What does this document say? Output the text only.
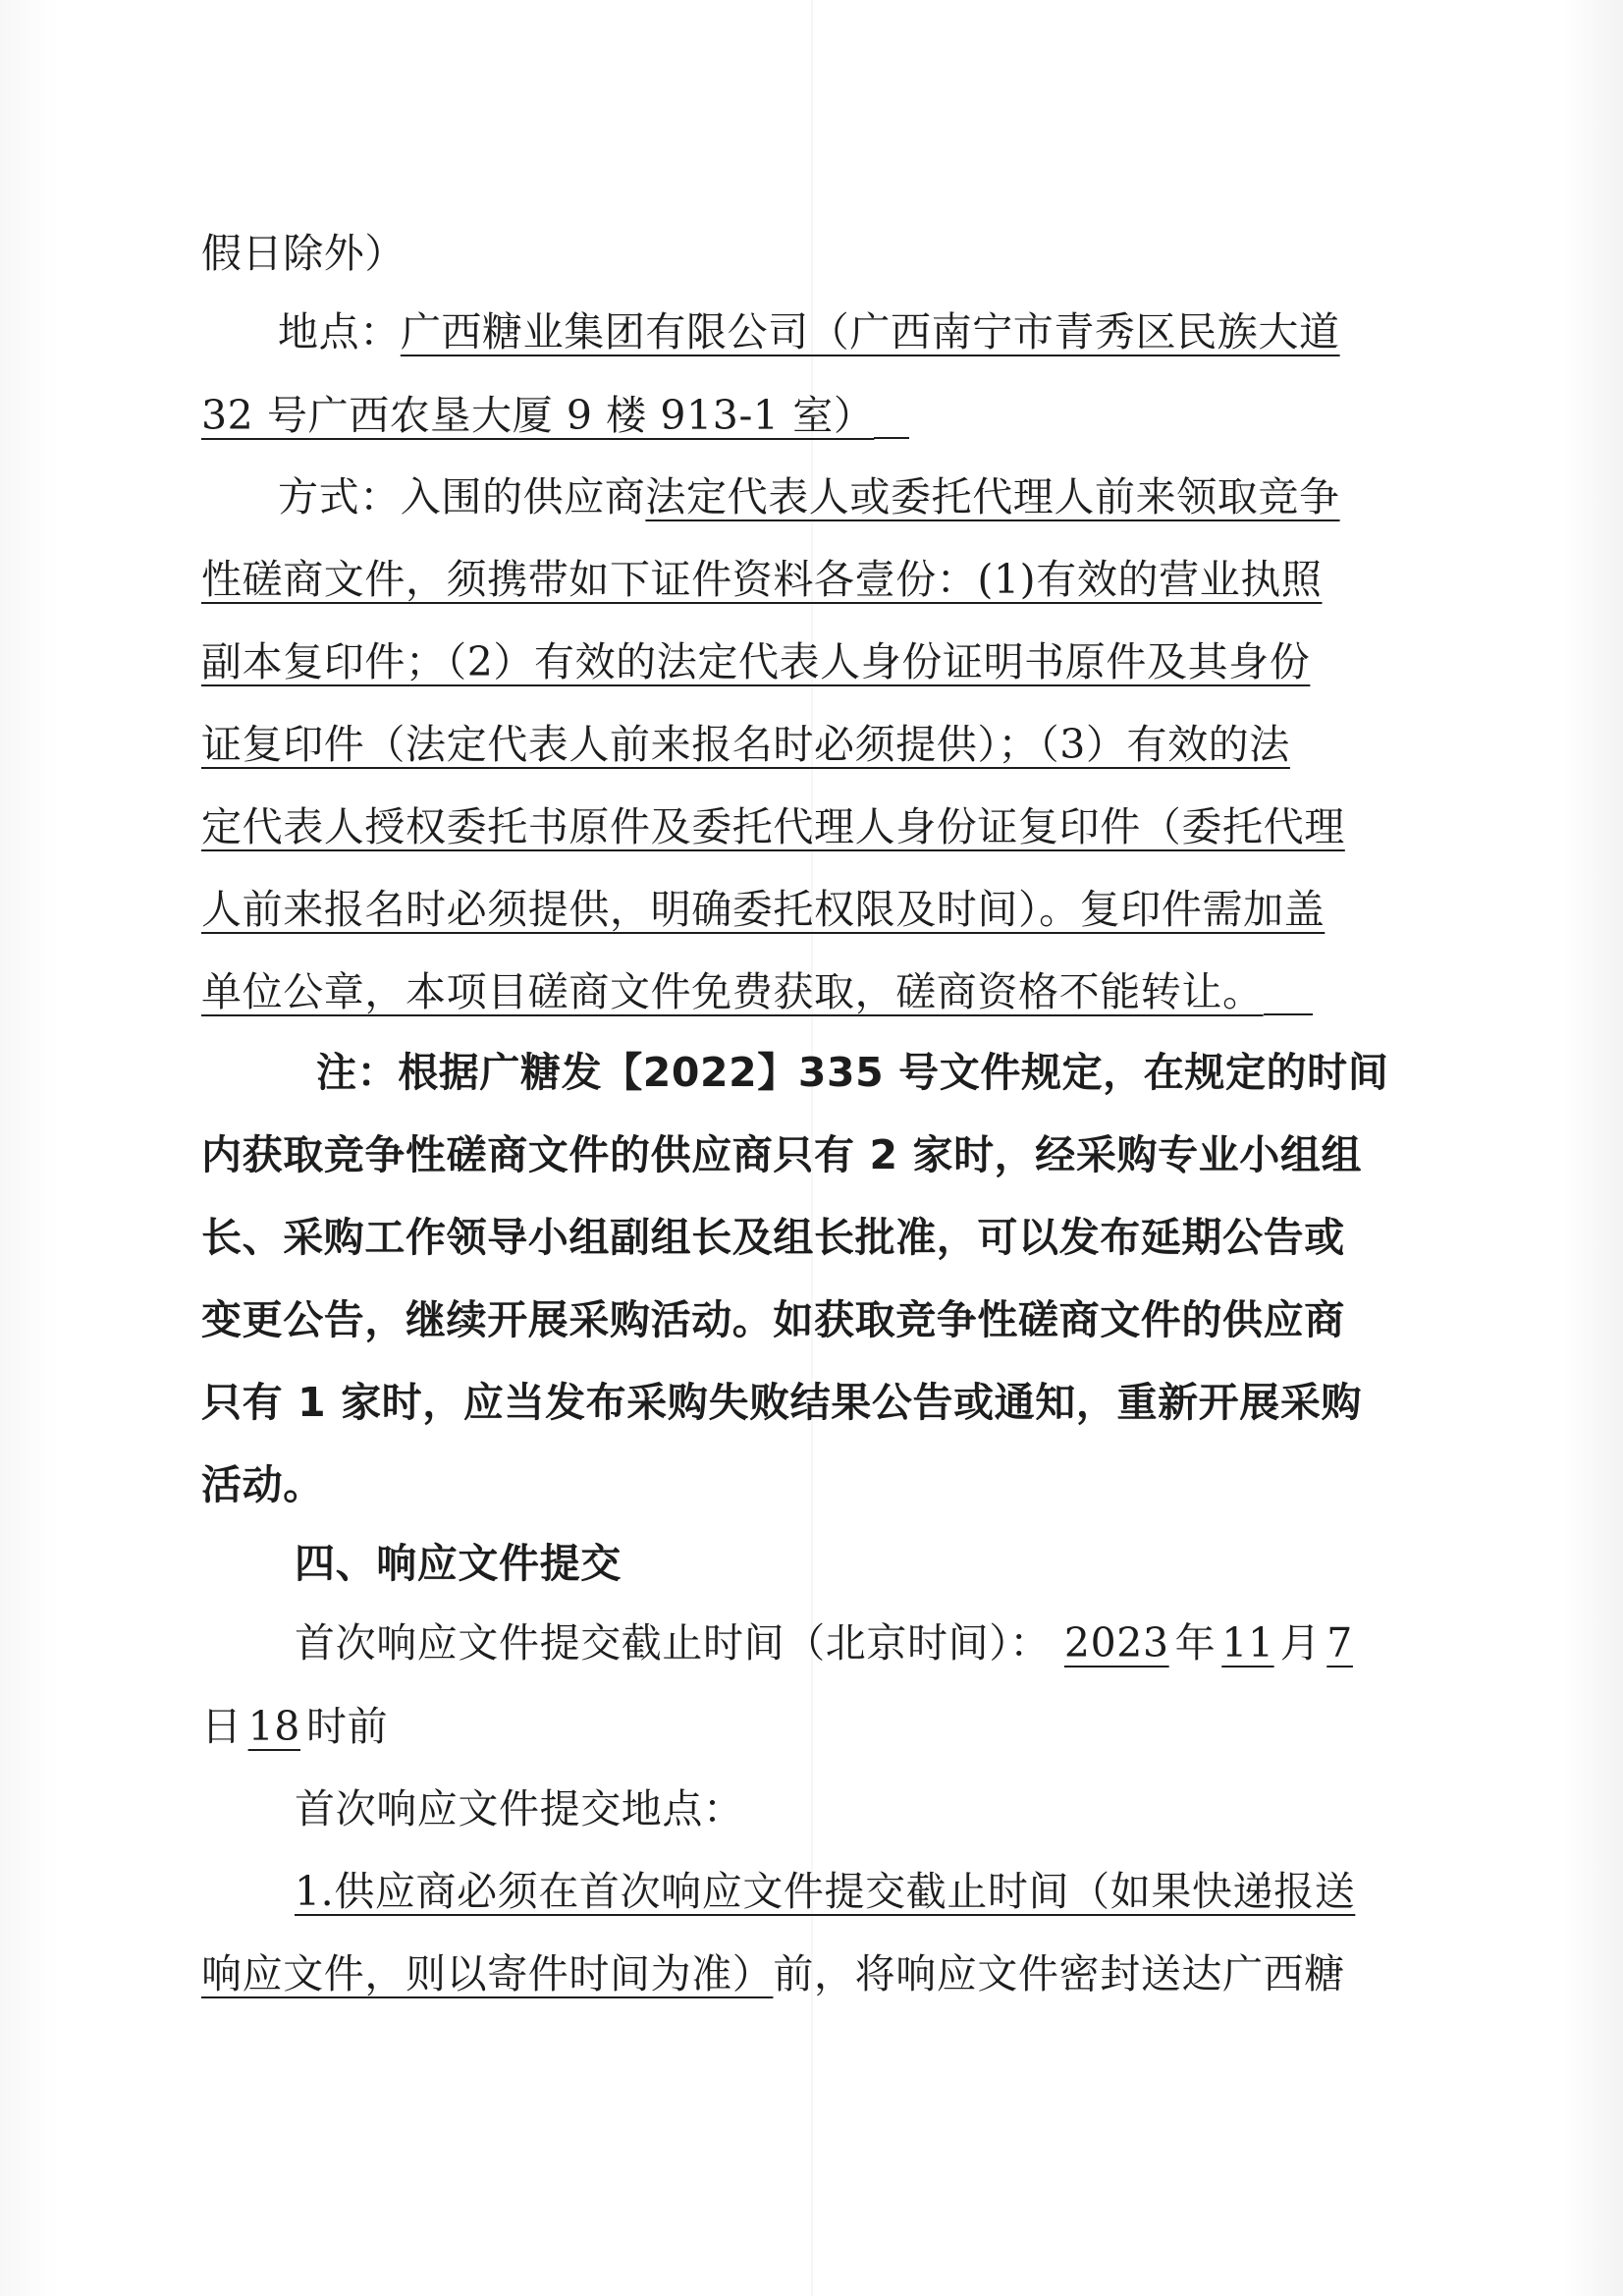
假日除外）
地点：广西糖业集团有限公司（广西南宁市青秀区民族大道
32 号广西农垦大厦 9 楼 913-1 室）
方式：入围的供应商法定代表人或委托代理人前来领取竞争
性磋商文件，须携带如下证件资料各壹份：(1)有效的营业执照
副本复印件；（2）有效的法定代表人身份证明书原件及其身份
证复印件（法定代表人前来报名时必须提供）；（3）有效的法
定代表人授权委托书原件及委托代理人身份证复印件（委托代理
人前来报名时必须提供，明确委托权限及时间）。复印件需加盖
单位公章，本项目磋商文件免费获取，磋商资格不能转让。
注：根据广糖发【2022】335 号文件规定，在规定的时间
内获取竞争性磋商文件的供应商只有 2 家时，经采购专业小组组
长、采购工作领导小组副组长及组长批准，可以发布延期公告或
变更公告，继续开展采购活动。如获取竞争性磋商文件的供应商
只有 1 家时，应当发布采购失败结果公告或通知，重新开展采购
活动。
四、响应文件提交
首次响应文件提交截止时间（北京时间）： 2023 年 11 月 7
日 18 时前
首次响应文件提交地点：
1.供应商必须在首次响应文件提交截止时间（如果快递报送
响应文件，则以寄件时间为准）前，将响应文件密封送达广西糖
